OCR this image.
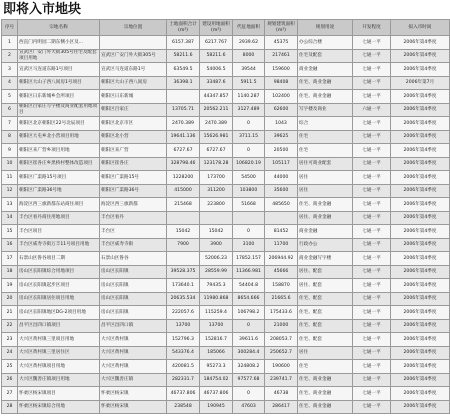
即将入市地块
序号	宗地名称	宗地位置	土地面积合计(m²)	建设用地面积(m²)	代征地面积	规划建筑面积(m²)	规划用途	开发程度	拟入市时间
1	西直门内明园二期东侧小区及...		6157.387	6217.767	2939.62	45375	办公综合楼	七通一平	2006年第4季度
2	宣武区广安门外大街305号住宅及配套项目用地	宣武区广安门外大街305号	58211.6	58211.6	8000	217461	住宅及配套	七通一平	2006年第4季度
3	宣武区马连道东路1号项目	宣武区马连道东路1号	63549.5	54006.5	39544	159600	商业金融	七通一平	2006年第4季度
4	朝阳区大山子西八间房1号项目	朝阳区大山子西八间房	36398.1	33487.6	5911.5	98408	住宅、商业金融	七通一平	2006年第7月
5	朝阳区日东新城乡会所项目	朝阳区日东新城		44347.857	1140.287	102400	住宅、商业金融	七通一平	2006年第4季度
6	朝阳区百家庄写字楼及商业配套用地项目	朝阳区百家庄	13705.71	20562.211	3127.489	62600	写字楼及商业	六通一平	2006年第4季度
7	朝阳区北京朝阳区22号北辰项目	朝阳区北京市区	2470.389	2470.389	0	1043	综合	七通一平	2006年第4季度
8	朝阳区大屯乡北小营项目用地	朝阳区北小营	19641.136	15626.981	3711.15	39625	住宅	七通一平	2006年第4季度
9	朝阳区来广营乡项目用地	朝阳区来广营	6727.67	6727.67	0	20500	住宅	七通一平	2006年第4季度
10	朝阳区崔各庄乡黑桥村整体改造项目	朝阳区崔各庄	328798.46	123178.28	106820.19	105117	居住可商业配套	七通一平	2006年第4季度
11	朝阳区广渠路15号项目	朝阳区广渠路15号	1228200	173700	54500	44000	居住	七通一平	2006年第4季度
12	朝阳区广渠路36号地	朝阳区广渠路36号	415000	311200	103800	35600	居住	七通一平	2006年第4季度
13	海淀区西三旗新都东站商住项目	海淀区西三旗新都	215468	223800	51668	485650	住宅、商业金融	七通一平	2006年第4季度
14	丰台区看丹商住用地项目	丰台区看丹					居住、商业金融	七通一平	2006年第4季度
15	丰台区项目	丰台区	15042	15042	0	81452	商业金融	七通一平	2006年第4季度
16	丰台区威寿寺街万丰11号项目用地	丰台区威寿寺街	7900	3900	3100	11700	行政办公	七通一平	2006年第4季度
17	石景山区鲁谷项目二期	石景山区鲁谷		52006.23	17852.157	206944.92	商业金融写字楼	七通一平	2006年第4季度
18	房山区长阳镇综合用地项目	房山区长阳镇	39528.375	28559.99	11366.981	45666	居住、配套	七通一平	2006年第4季度
19	房山区长阳镇起步区项目	房山区长阳镇	173640.1	79435.3	54404.8	158870	居住、配套	七通一平	2006年第4季度
20	房山区长阳镇居住项目用地	房山区长阳镇	20635.534	11980.868	8654.666	21665.6	住宅、配套	七通一平	2006年第4季度
21	房山区长阳镇地区DG-2项目用地	房山区长阳镇	222057.6	115259.4	106798.2	175433.6	住宅、配套	七通一平	2006年第4季度
22	昌平区昌四口镇项目	昌平区昌四口镇	13700	13700	0	21000	住宅、配套	七通一平	2006年第4季度
23	大兴区黄村镇三里项目用地	大兴区黄村镇	152796.3	152816.7	39611.6	208053.7	住宅、配套	七通一平	2006年第4季度
24	大兴区黄村镇三里居住区	大兴区黄村镇	543376.4	185066	300284.4	250652.7	居住	七通一平	2006年第4季度
25	大兴区黄村镇项目用地	大兴区黄村镇	420081.5	95273.3	324808.2	190600	住宅	七通一平	2006年第4季度
26	大兴区魏善庄镇项目用地	大兴区魏善庄镇	282331.7	184754.02	97577.68	239741.7	住宅、商业金融	七通一平	2006年第4季度
27	怀柔区杨宋镇项目	怀柔区杨宋镇	46737.806	46737.806	0	46738	住宅、商业金融	七通一平	2006年第4季度
28	怀柔区杨宋镇综合用地	怀柔区杨宋镇	238548	190945	47603	286417	住宅、商业金融	七通一平	2006年第4季度
